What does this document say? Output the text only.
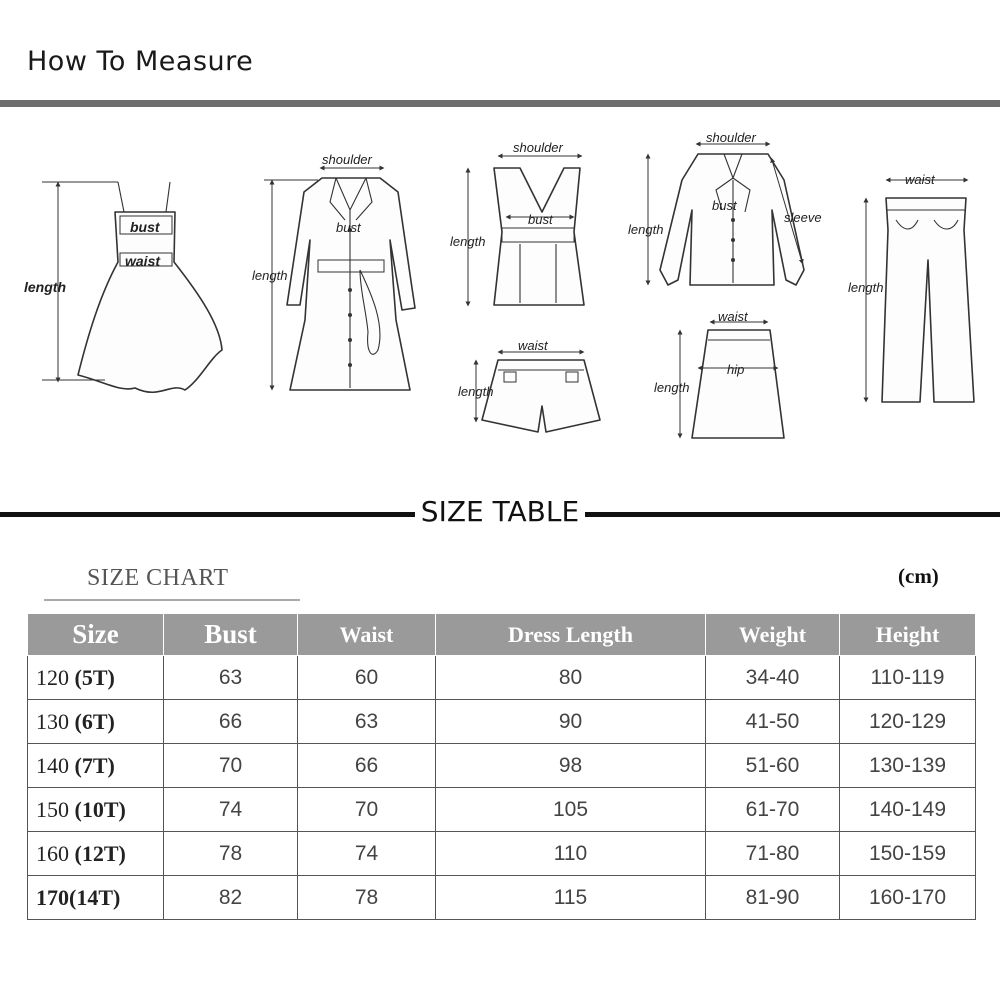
How To Measure
bust
waist
length
shoulder
bust
length
shoulder
bust
length
waist
length
shoulder
bust
length
sleeve
waist
hip
length
waist
length
SIZE TABLE
SIZE CHART	(cm)
Size	Bust	Waist	Dress Length	Weight	Height
120 (5T)	63	60	80	34-40	110-119
130 (6T)	66	63	90	41-50	120-129
140 (7T)	70	66	98	51-60	130-139
150 (10T)	74	70	105	61-70	140-149
160 (12T)	78	74	110	71-80	150-159
170(14T)	82	78	115	81-90	160-170
